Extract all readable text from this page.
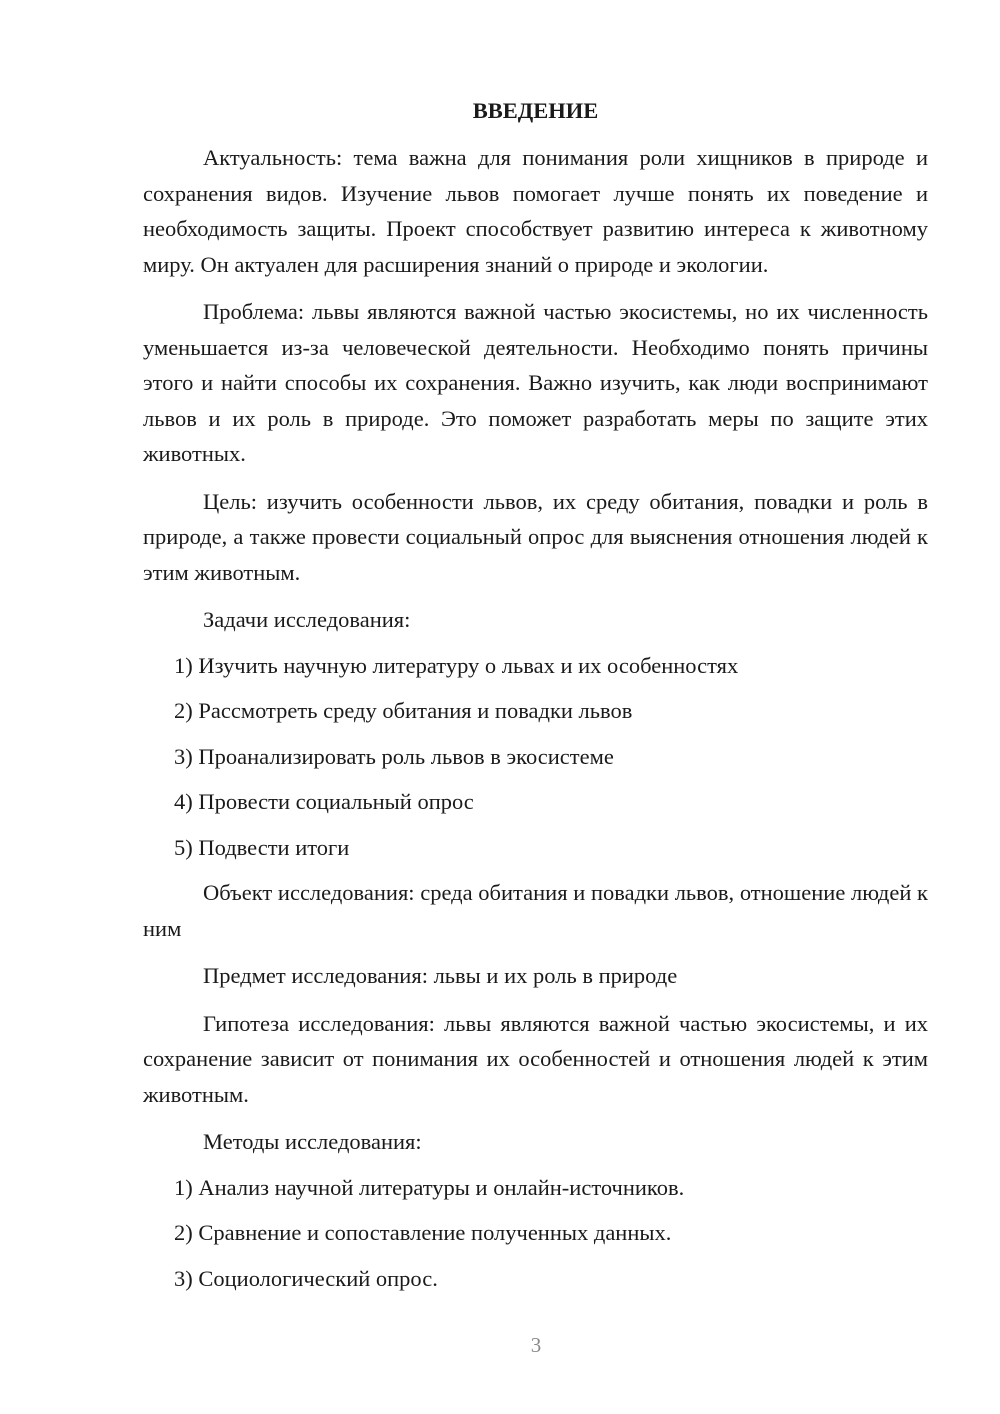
ВВЕДЕНИЕ

Актуальность: тема важна для понимания роли хищников в природе и сохранения видов. Изучение львов помогает лучше понять их поведение и необходимость защиты. Проект способствует развитию интереса к животному миру. Он актуален для расширения знаний о природе и экологии.

Проблема: львы являются важной частью экосистемы, но их численность уменьшается из-за человеческой деятельности. Необходимо понять причины этого и найти способы их сохранения. Важно изучить, как люди воспринимают львов и их роль в природе. Это поможет разработать меры по защите этих животных.

Цель: изучить особенности львов, их среду обитания, повадки и роль в природе, а также провести социальный опрос для выяснения отношения людей к этим животным.

Задачи исследования:

1) Изучить научную литературу о львах и их особенностях

2) Рассмотреть среду обитания и повадки львов

3) Проанализировать роль львов в экосистеме

4) Провести социальный опрос

5) Подвести итоги

Объект исследования: среда обитания и повадки львов, отношение людей к ним

Предмет исследования: львы и их роль в природе

Гипотеза исследования: львы являются важной частью экосистемы, и их сохранение зависит от понимания их особенностей и отношения людей к этим животным.

Методы исследования:

1) Анализ научной литературы и онлайн-источников.

2) Сравнение и сопоставление полученных данных.

3) Социологический опрос.

3
